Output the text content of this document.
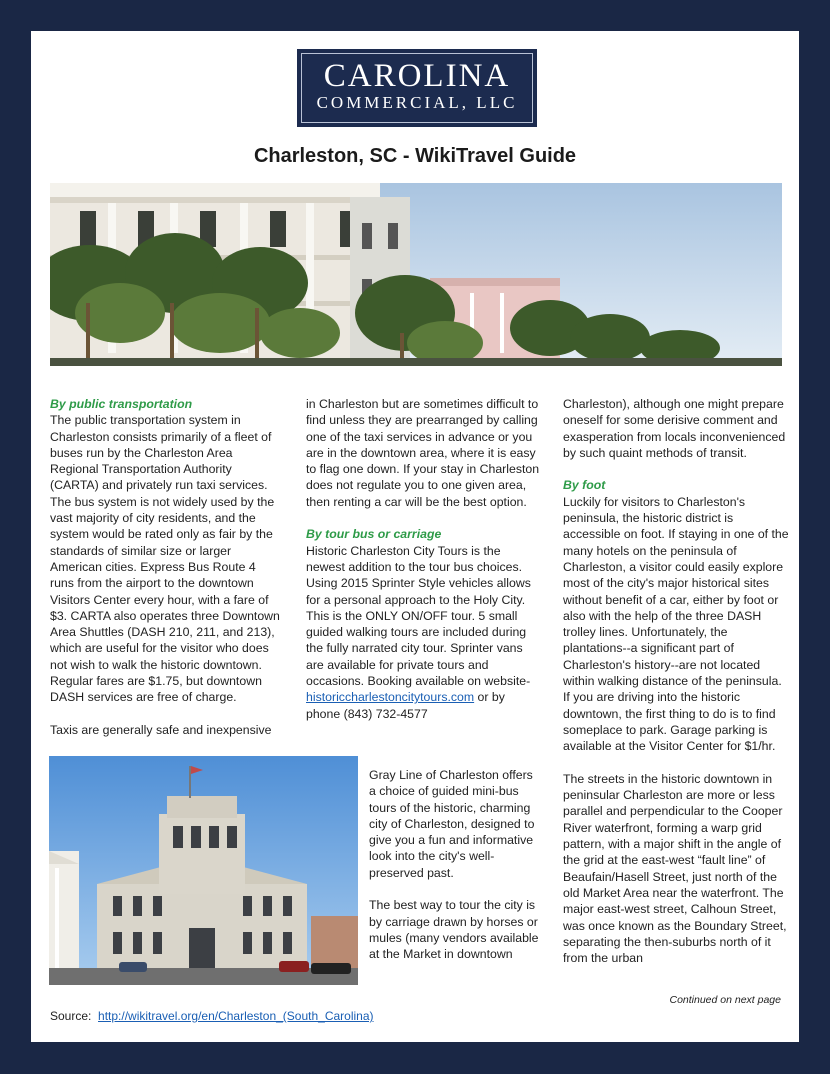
CAROLINA
COMMERCIAL, LLC
Charleston, SC - WikiTravel Guide

By public transportation

The public transportation system in Charleston consists primarily of a fleet of buses run by the Charleston Area Regional Transportation Authority (CARTA) and privately run taxi services. The bus system is not widely used by the vast majority of city residents, and the system would be rated only as fair by the standards of similar size or larger American cities. Express Bus Route 4 runs from the airport to the downtown Visitors Center every hour, with a fare of $3. CARTA also operates three Downtown Area Shuttles (DASH 210, 211, and 213), which are useful for the visitor who does not wish to walk the historic downtown. Regular fares are $1.75, but downtown DASH services are free of charge.

Taxis are generally safe and inexpensive

in Charleston but are sometimes difficult to find unless they are prearranged by calling one of the taxi services in advance or you are in the downtown area, where it is easy to flag one down. If your stay in Charleston does not regulate you to one given area, then renting a car will be the best option.

By tour bus or carriage

Historic Charleston City Tours is the newest addition to the tour bus choices. Using 2015 Sprinter Style vehicles allows for a personal approach to the Holy City. This is the ONLY ON/OFF tour. 5 small guided walking tours are included during the fully narrated city tour. Sprinter vans are available for private tours and occasions. Booking available on website-
historiccharlestoncitytours.com or by phone (843) 732-4577

Gray Line of Charleston offers a choice of guided mini-bus tours of the historic, charming city of Charleston, designed to give you a fun and informative look into the city's well-preserved past.

The best way to tour the city is by carriage drawn by horses or mules (many vendors available at the Market in downtown

Charleston), although one might prepare oneself for some derisive comment and exasperation from locals inconvenienced by such quaint methods of transit.

By foot

Luckily for visitors to Charleston's peninsula, the historic district is accessible on foot. If staying in one of the many hotels on the peninsula of Charleston, a visitor could easily explore most of the city's major historical sites without benefit of a car, either by foot or also with the help of the three DASH trolley lines. Unfortunately, the plantations--a significant part of Charleston's history--are not located within walking distance of the peninsula. If you are driving into the historic downtown, the first thing to do is to find someplace to park. Garage parking is available at the Visitor Center for $1/hr.

The streets in the historic downtown in peninsular Charleston are more or less parallel and perpendicular to the Cooper River waterfront, forming a warp grid pattern, with a major shift in the angle of the grid at the east-west “fault line” of Beaufain/Hasell Street, just north of the old Market Area near the waterfront. The major east-west street, Calhoun Street, was once known as the Boundary Street, separating the then-suburbs north of it from the urban

Continued on next page
Source: http://wikitravel.org/en/Charleston_(South_Carolina)
